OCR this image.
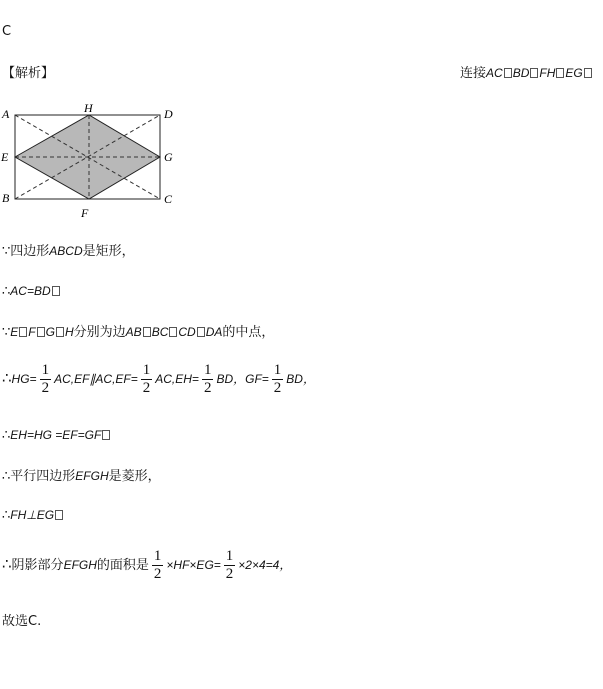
C
【解析】	连接AC BD FH EG
A
B	C
D
E
F
G
H
∵四边形ABCD是矩形，
∴AC=BD
∵E F G H分别为边AB BC CD DA的中点，
∴HG= $\frac{1}{2}$ AC,EF∥AC,EF= $\frac{1}{2} AC,EH= \frac{1}{2}$ BD，$GF= \frac{1}{2}$ BD，
∴EH=HG =EF=GF
∴平行四边形EFGH是菱形，
∴FH⊥EG
∴阴影部分EFGH的面积是 $\frac{1}{2} \times HF\times EG= \frac{1}{2} \times 2\times 4=4$，
故选C.
